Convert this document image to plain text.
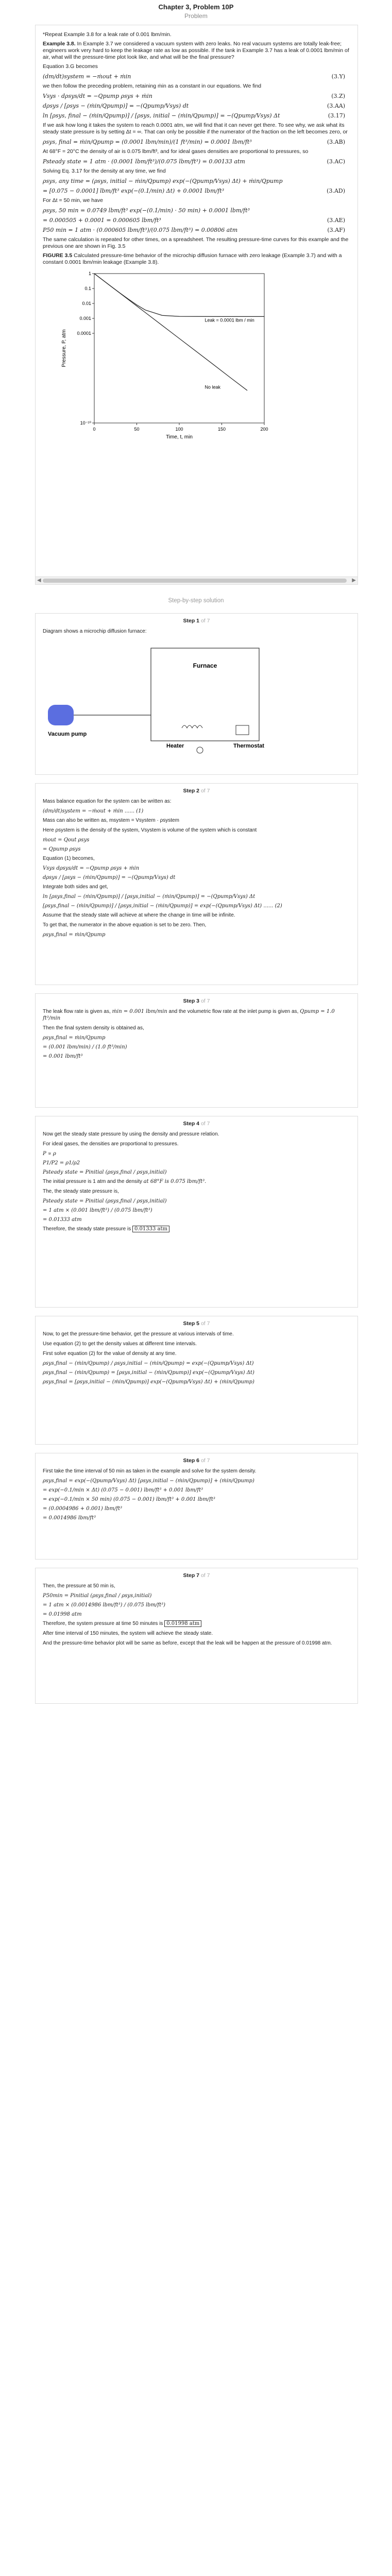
Chapter 3, Problem 10P
Problem

*Repeat Example 3.8 for a leak rate of 0.001 lbm/min.

Example 3.8. In Example 3.7 we considered a vacuum system with zero leaks. No real vacuum systems are totally leak-free; engineers work very hard to keep the leakage rate as low as possible. If the tank in Example 3.7 has a leak of 0.0001 lbm/min of air, what will the pressure-time plot look like, and what will be the final pressure?

Equation 3.G becomes

(dm/dt)system = −ṁout + ṁin	(3.Y)

we then follow the preceding problem, retaining ṁin as a constant in our equations. We find

Vsys · dρsys/dt = −Qpump ρsys + ṁin	(3.Z)
dρsys / [ρsys − (ṁin/Qpump)] = −(Qpump/Vsys) dt	(3.AA)
ln [ρsys, final − (ṁin/Qpump)] / [ρsys, initial − (ṁin/Qpump)] = −(Qpump/Vsys) Δt	(3.17)

If we ask how long it takes the system to reach 0.0001 atm, we will find that it can never get there. To see why, we ask what its steady state pressure is by setting Δt = ∞. That can only be possible if the numerator of the fraction on the left becomes zero, or

ρsys, final = ṁin/Qpump = (0.0001 lbm/min)/(1 ft³/min) = 0.0001 lbm/ft³	(3.AB)

At 68°F = 20°C the density of air is 0.075 lbm/ft³, and for ideal gases densities are proportional to pressures, so

Psteady state = 1 atm · (0.0001 lbm/ft³)/(0.075 lbm/ft³) = 0.00133 atm	(3.AC)

Solving Eq. 3.17 for the density at any time, we find

ρsys, any time = (ρsys, initial − ṁin/Qpump) exp(−(Qpump/Vsys) Δt) + ṁin/Qpump
= [0.075 − 0.0001] lbm/ft³ exp(−(0.1/min) Δt) + 0.0001 lbm/ft³	(3.AD)

For Δt = 50 min, we have

ρsys, 50 min = 0.0749 lbm/ft³ exp(−(0.1/min) · 50 min) + 0.0001 lbm/ft³
= 0.000505 + 0.0001 = 0.000605 lbm/ft³	(3.AE)
P50 min = 1 atm · (0.000605 lbm/ft³)/(0.075 lbm/ft³) = 0.00806 atm	(3.AF)

The same calculation is repeated for other times, on a spreadsheet. The resulting pressure-time curves for this example and the previous one are shown in Fig. 3.5

FIGURE 3.5 Calculated pressure-time behavior of the microchip diffusion furnace with zero leakage (Example 3.7) and with a constant 0.0001 lbm/min leakage (Example 3.8).

10⁻¹⁰
0.0001
0.001
0.01
0.1
1
0	50	100	150	200
Time, t, min
Pressure, P, atm
Leak = 0.0001 lbm / min
No leak
◀	▶
Step-by-step solution
Step 1 of 7

Diagram shows a microchip diffusion furnace:

Furnace
Vacuum pump
Heater	Thermostat
Step 2 of 7

Mass balance equation for the system can be written as:

(dm/dt)system = −ṁout + ṁin ...... (1)

Mass can also be written as, msystem = Vsystem · ρsystem

Here ρsystem is the density of the system, Vsystem is volume of the system which is constant

ṁout = Qout ρsys
= Qpump ρsys

Equation (1) becomes,

Vsys dρsys/dt = −Qpump ρsys + ṁin
dρsys / [ρsys − (ṁin/Qpump)] = −(Qpump/Vsys) dt

Integrate both sides and get,

ln [ρsys,final − (ṁin/Qpump)] / [ρsys,initial − (ṁin/Qpump)] = −(Qpump/Vsys) Δt
[ρsys,final − (ṁin/Qpump)] / [ρsys,initial − (ṁin/Qpump)] = exp(−(Qpump/Vsys) Δt) ...... (2)

Assume that the steady state will achieve at where the change in time will be infinite.

To get that, the numerator in the above equation is set to be zero. Then,

ρsys,final = ṁin/Qpump
Step 3 of 7

The leak flow rate is given as, ṁin = 0.001 lbm/min and the volumetric flow rate at the inlet pump is given as, Qpump = 1.0 ft³/min

Then the final system density is obtained as,

ρsys,final = ṁin/Qpump
= (0.001 lbm/min) / (1.0 ft³/min)
= 0.001 lbm/ft³
Step 4 of 7

Now get the steady state pressure by using the density and pressure relation.

For ideal gases, the densities are proportional to pressures.

P ∝ ρ
P1/P2 = ρ1/ρ2
Psteady state = Pinitial (ρsys,final / ρsys,initial)

The initial pressure is 1 atm and the density at 68°F is 0.075 lbm/ft³.

The, the steady state pressure is,

Psteady state = Pinitial (ρsys,final / ρsys,initial)
= 1 atm × (0.001 lbm/ft³) / (0.075 lbm/ft³)
= 0.01333 atm

Therefore, the steady state pressure is 0.01333 atm

Step 5 of 7

Now, to get the pressure-time behavior, get the pressure at various intervals of time.

Use equation (2) to get the density values at different time intervals.

First solve equation (2) for the value of density at any time.

ρsys,final − (ṁin/Qpump) / ρsys,initial − (ṁin/Qpump) = exp(−(Qpump/Vsys) Δt)
ρsys,final − (ṁin/Qpump) = [ρsys,initial − (ṁin/Qpump)] exp(−(Qpump/Vsys) Δt)
ρsys,final = [ρsys,initial − (ṁin/Qpump)] exp(−(Qpump/Vsys) Δt) + (ṁin/Qpump)
Step 6 of 7

First take the time interval of 50 min as taken in the example and solve for the system density.

ρsys,final = exp(−(Qpump/Vsys) Δt) [ρsys,initial − (ṁin/Qpump)] + (ṁin/Qpump)
= exp(−0.1/min × Δt) (0.075 − 0.001) lbm/ft³ + 0.001 lbm/ft³
= exp(−0.1/min × 50 min) (0.075 − 0.001) lbm/ft³ + 0.001 lbm/ft³
= (0.0004986 + 0.001) lbm/ft³
= 0.0014986 lbm/ft³
Step 7 of 7

Then, the pressure at 50 min is,

P50min = Pinitial (ρsys,final / ρsys,initial)
= 1 atm × (0.0014986 lbm/ft³) / (0.075 lbm/ft³)
= 0.01998 atm

Therefore, the system pressure at time 50 minutes is 0.01998 atm

After time interval of 150 minutes, the system will achieve the steady state.

And the pressure-time behavior plot will be same as before, except that the leak will be happen at the pressure of 0.01998 atm.
